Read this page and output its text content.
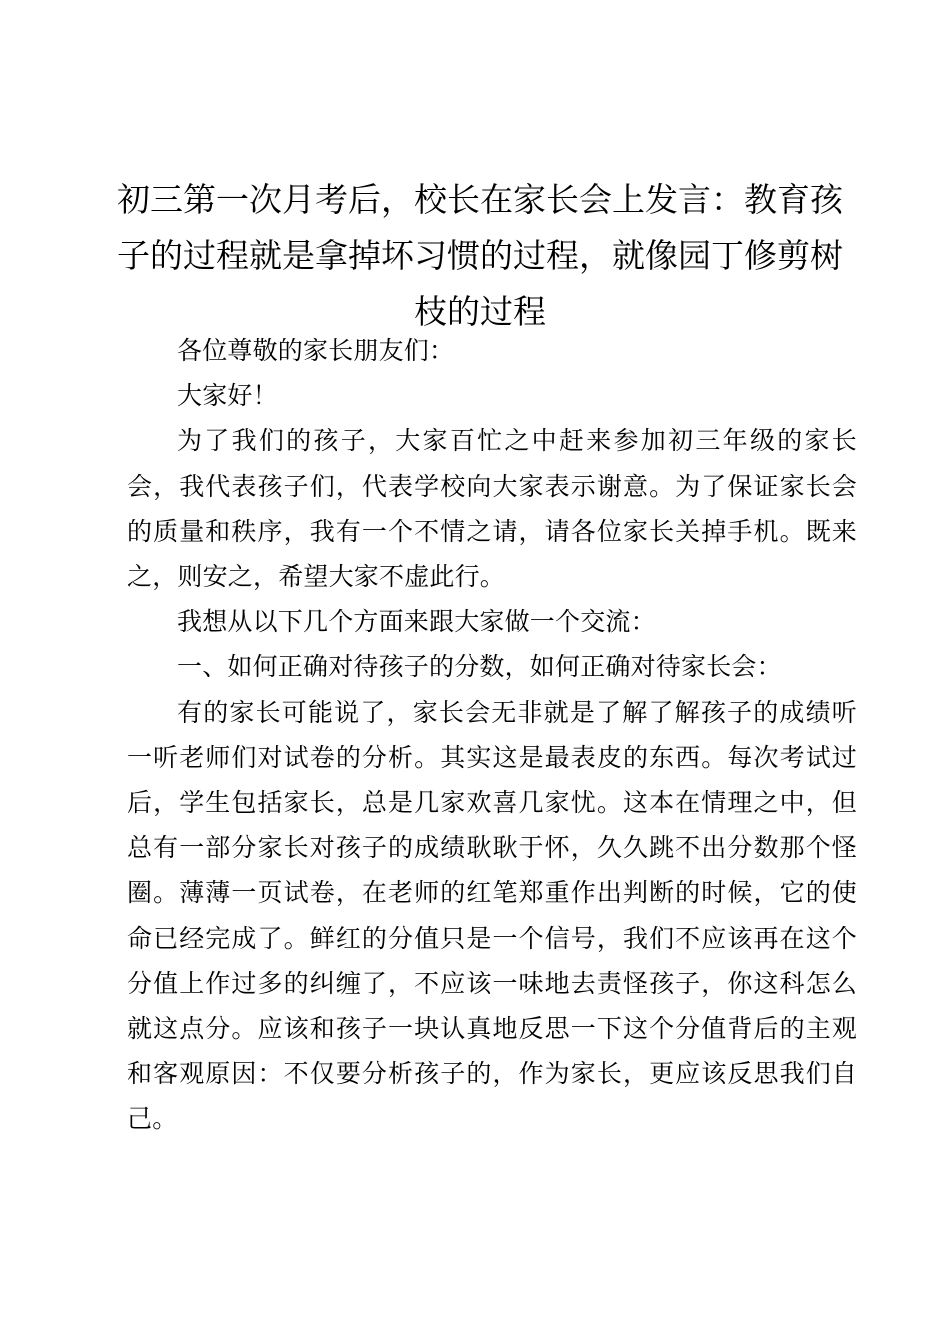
初三第一次月考后，校长在家长会上发言：教育孩子的过程就是拿掉坏习惯的过程，就像园丁修剪树枝的过程

各位尊敬的家长朋友们：

大家好！

为了我们的孩子，大家百忙之中赶来参加初三年级的家长会，我代表孩子们，代表学校向大家表示谢意。为了保证家长会的质量和秩序，我有一个不情之请，请各位家长关掉手机。既来之，则安之，希望大家不虚此行。

我想从以下几个方面来跟大家做一个交流：

一、如何正确对待孩子的分数，如何正确对待家长会：

有的家长可能说了，家长会无非就是了解了解孩子的成绩听一听老师们对试卷的分析。其实这是最表皮的东西。每次考试过后，学生包括家长，总是几家欢喜几家忧。这本在情理之中，但总有一部分家长对孩子的成绩耿耿于怀，久久跳不出分数那个怪圈。薄薄一页试卷，在老师的红笔郑重作出判断的时候，它的使命已经完成了。鲜红的分值只是一个信号，我们不应该再在这个分值上作过多的纠缠了，不应该一味地去责怪孩子，你这科怎么就这点分。应该和孩子一块认真地反思一下这个分值背后的主观和客观原因：不仅要分析孩子的，作为家长，更应该反思我们自己。
